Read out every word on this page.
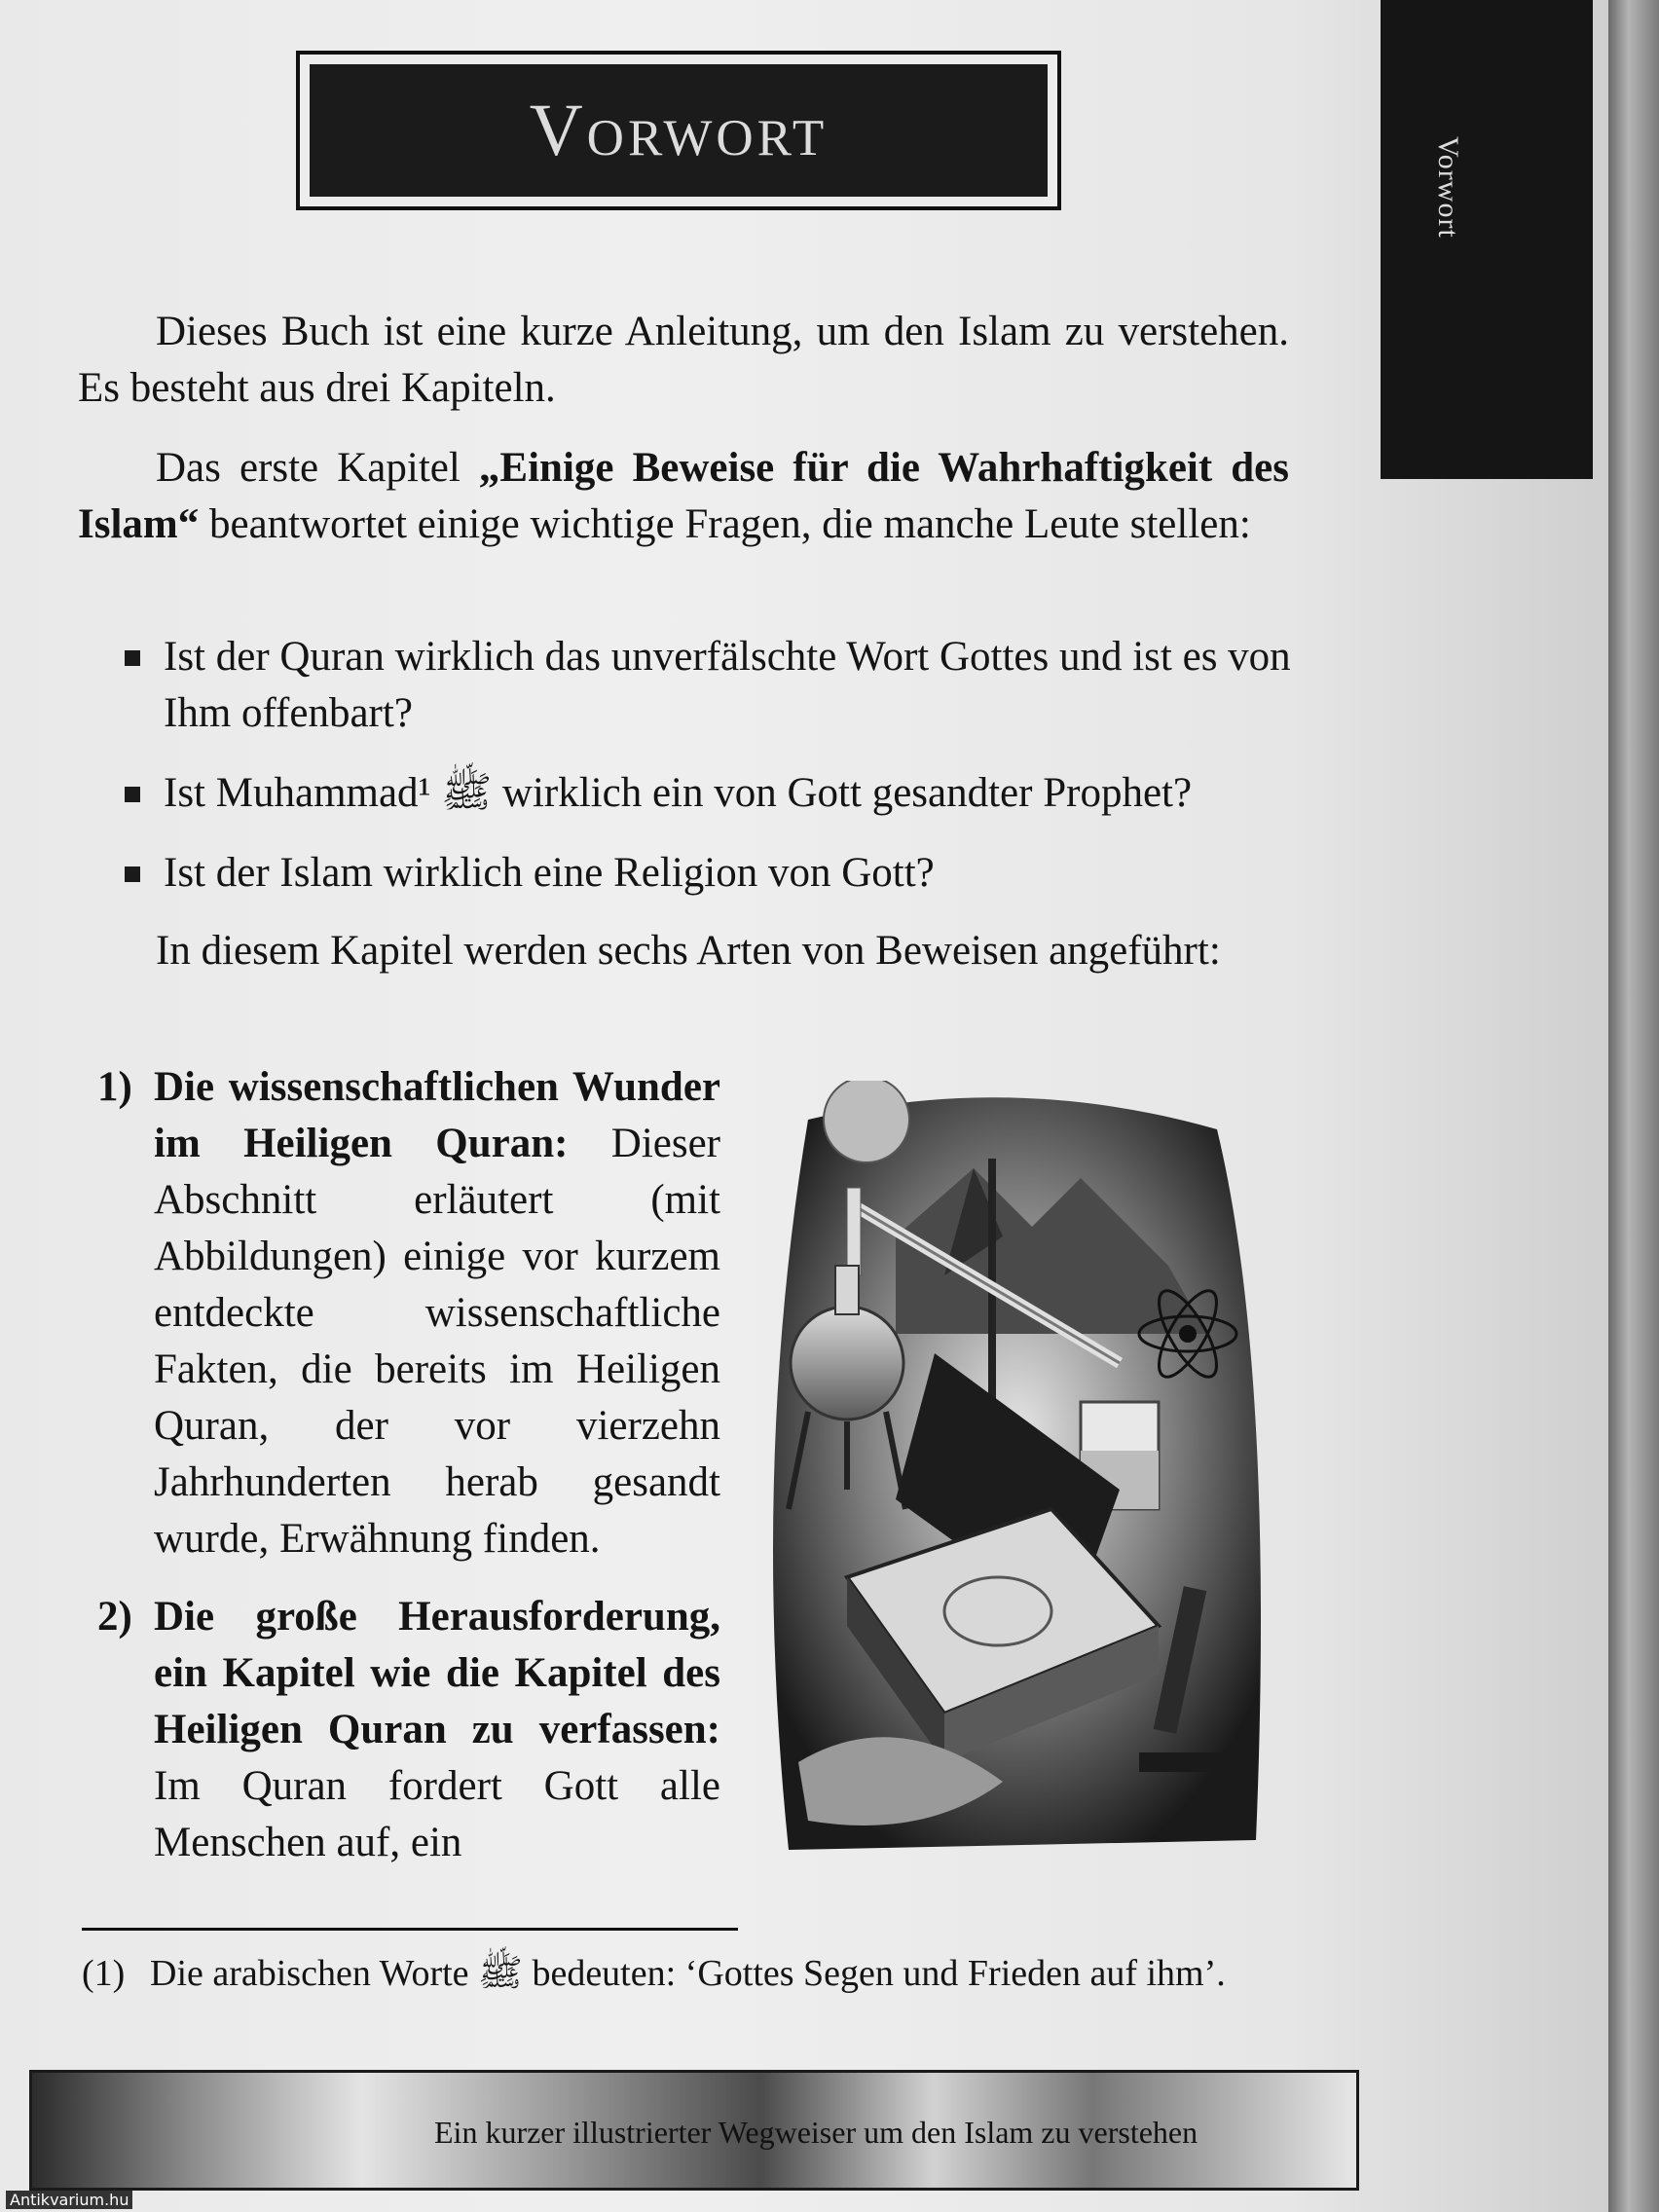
Vorwort
Vorwort
Dieses Buch ist eine kurze Anleitung, um den Islam zu verstehen. Es besteht aus drei Kapiteln.
Das erste Kapitel „Einige Beweise für die Wahrhaftigkeit des Islam“ beantwortet einige wichtige Fragen, die manche Leute stellen:
Ist der Quran wirklich das unverfälschte Wort Gottes und ist es von Ihm offenbart?
Ist Muhammadﷺ ¹ wirklich ein von Gott gesandter Prophet?
Ist der Islam wirklich eine Religion von Gott?
In diesem Kapitel werden sechs Arten von Beweisen angeführt:
1) Die wissenschaftlichen Wunder im Heiligen Quran: Dieser Abschnitt erläutert (mit Abbildungen) einige vor kurzem entdeckte wissenschaftliche Fakten, die bereits im Heiligen Quran, der vor vierzehn Jahrhunderten herab gesandt wurde, Erwähnung finden.
2) Die große Herausforderung, ein Kapitel wie die Kapitel des Heiligen Quran zu verfassen: Im Quran fordert Gott alle Menschen auf, ein
(1) Die arabischen Worte ﷺ bedeuten: ‘Gottes Segen und Frieden auf ihm’.
Ein kurzer illustrierter Wegweiser um den Islam zu verstehen
Antikvarium.hu
